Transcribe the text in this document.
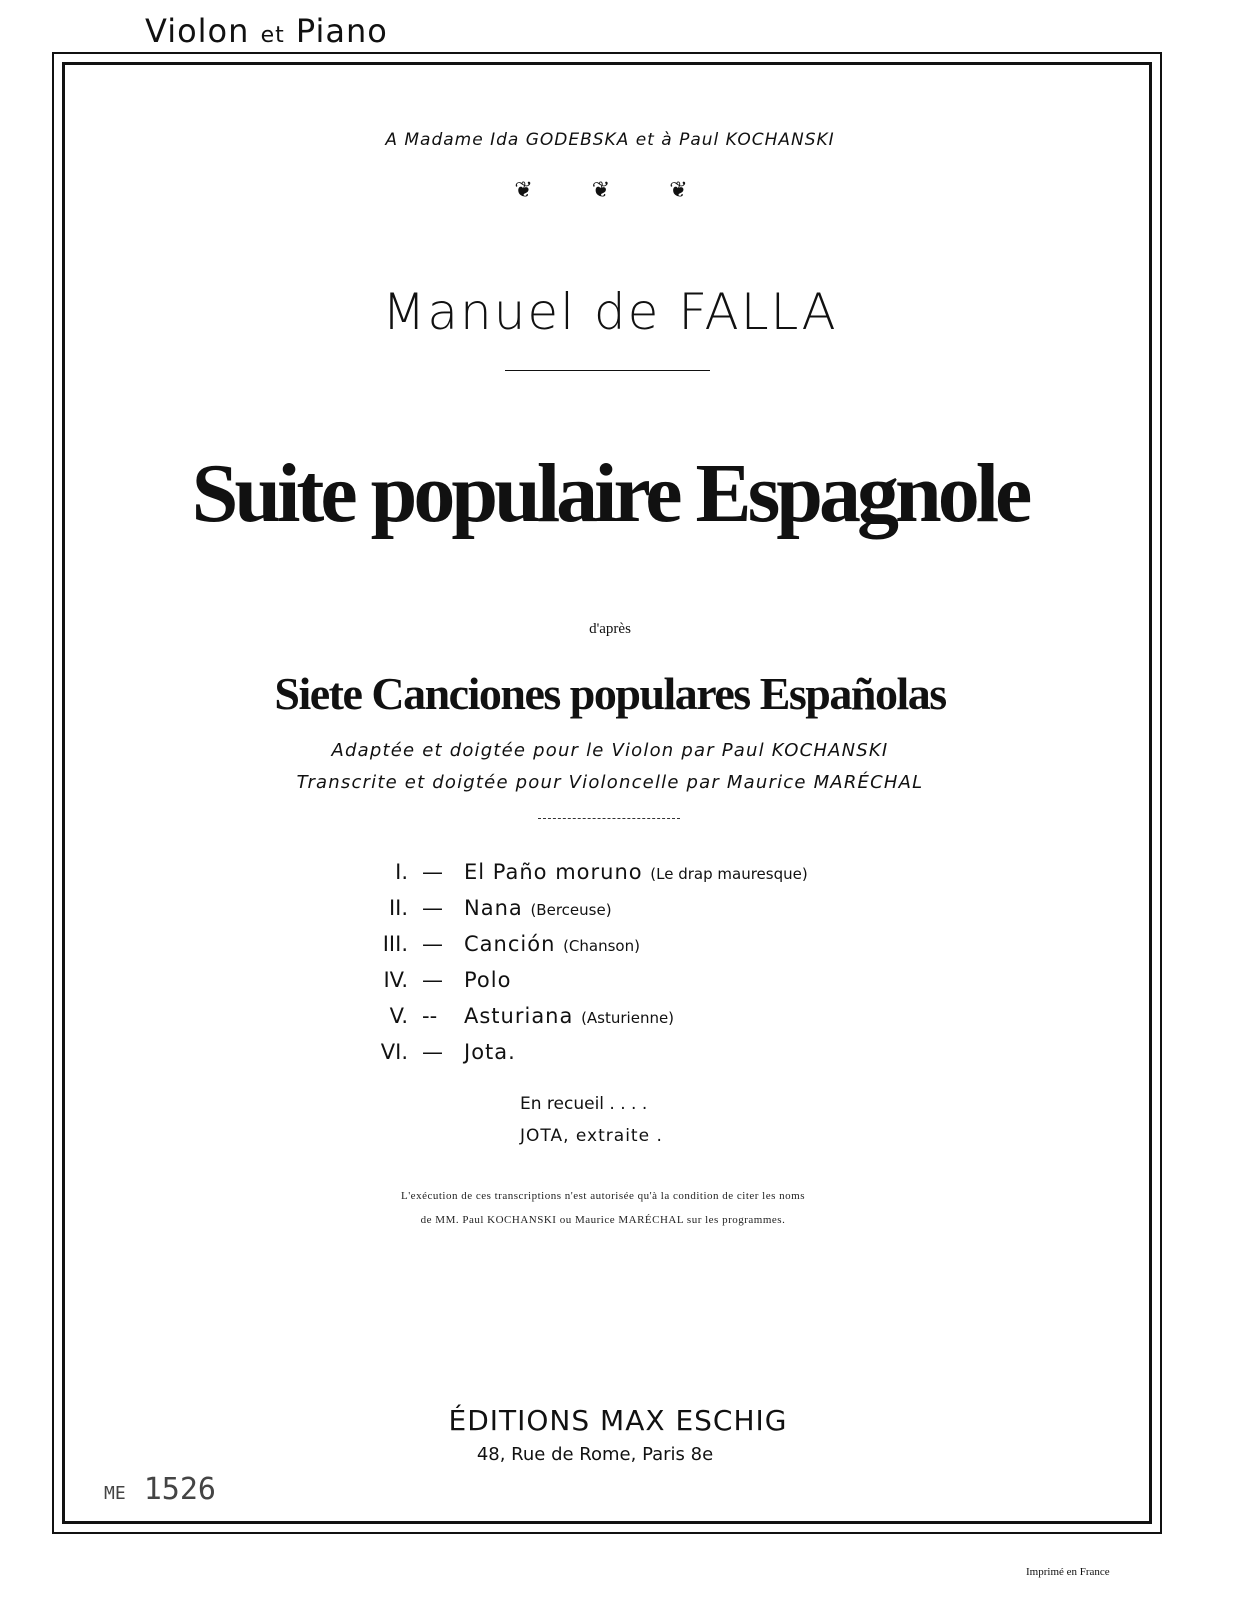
Violon et Piano
A Madame Ida GODEBSKA et à Paul KOCHANSKI
❦ ❦ ❦
Manuel de FALLA
Suite populaire Espagnole
d'après
Siete Canciones populares Españolas
Adaptée et doigtée pour le Violon par Paul KOCHANSKI
Transcrite et doigtée pour Violoncelle par Maurice MARÉCHAL
I. — El Paño moruno (Le drap mauresque)
II. — Nana (Berceuse)
III. — Canción (Chanson)
IV. — Polo
V. -- Asturiana (Asturienne)
VI. — Jota.
En recueil . . . .
JOTA, extraite .
L'exécution de ces transcriptions n'est autorisée qu'à la condition de citer les noms
de MM. Paul KOCHANSKI ou Maurice MARÉCHAL sur les programmes.
ÉDITIONS MAX ESCHIG
48, Rue de Rome, Paris 8e
ME 1526
Imprimé en France
